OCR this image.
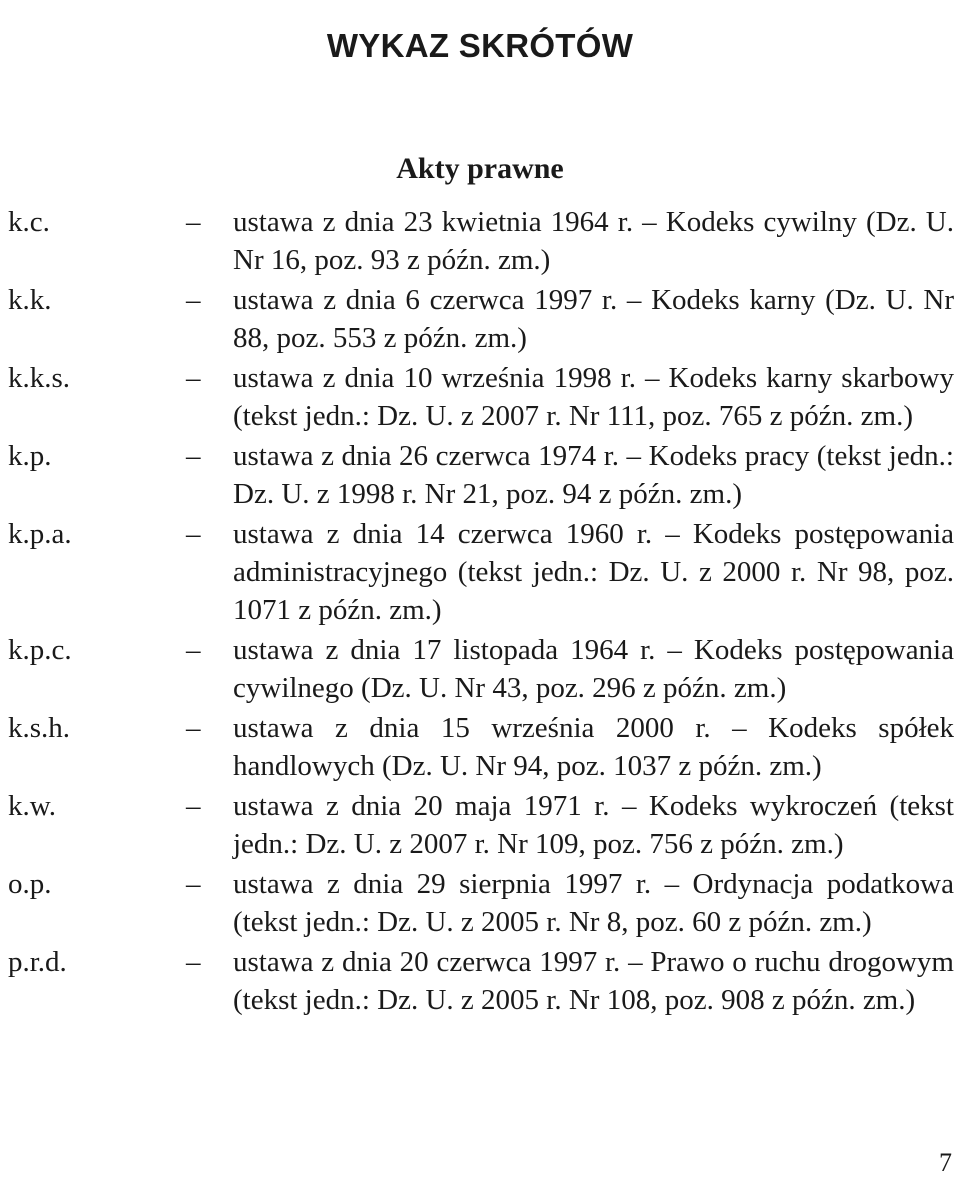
WYKAZ SKRÓTÓW
Akty prawne
k.c.	– ustawa z dnia 23 kwietnia 1964 r. – Kodeks cywilny (Dz. U. Nr 16, poz. 93 z późn. zm.)
k.k.	– ustawa z dnia 6 czerwca 1997 r. – Kodeks karny (Dz. U. Nr 88, poz. 553 z późn. zm.)
k.k.s.	– ustawa z dnia 10 września 1998 r. – Kodeks karny skarbowy (tekst jedn.: Dz. U. z 2007 r. Nr 111, poz. 765 z późn. zm.)
k.p.	– ustawa z dnia 26 czerwca 1974 r. – Kodeks pracy (tekst jedn.: Dz. U. z 1998 r. Nr 21, poz. 94 z późn. zm.)
k.p.a.	– ustawa z dnia 14 czerwca 1960 r. – Kodeks postępowania administracyjnego (tekst jedn.: Dz. U. z 2000 r. Nr 98, poz. 1071 z późn. zm.)
k.p.c.	– ustawa z dnia 17 listopada 1964 r. – Kodeks postępowania cywilnego (Dz. U. Nr 43, poz. 296 z późn. zm.)
k.s.h.	– ustawa z dnia 15 września 2000 r. – Kodeks spółek handlowych (Dz. U. Nr 94, poz. 1037 z późn. zm.)
k.w.	– ustawa z dnia 20 maja 1971 r. – Kodeks wykroczeń (tekst jedn.: Dz. U. z 2007 r. Nr 109, poz. 756 z późn. zm.)
o.p.	– ustawa z dnia 29 sierpnia 1997 r. – Ordynacja podatkowa (tekst jedn.: Dz. U. z 2005 r. Nr 8, poz. 60 z późn. zm.)
p.r.d.	– ustawa z dnia 20 czerwca 1997 r. – Prawo o ruchu drogowym (tekst jedn.: Dz. U. z 2005 r. Nr 108, poz. 908 z późn. zm.)
7
